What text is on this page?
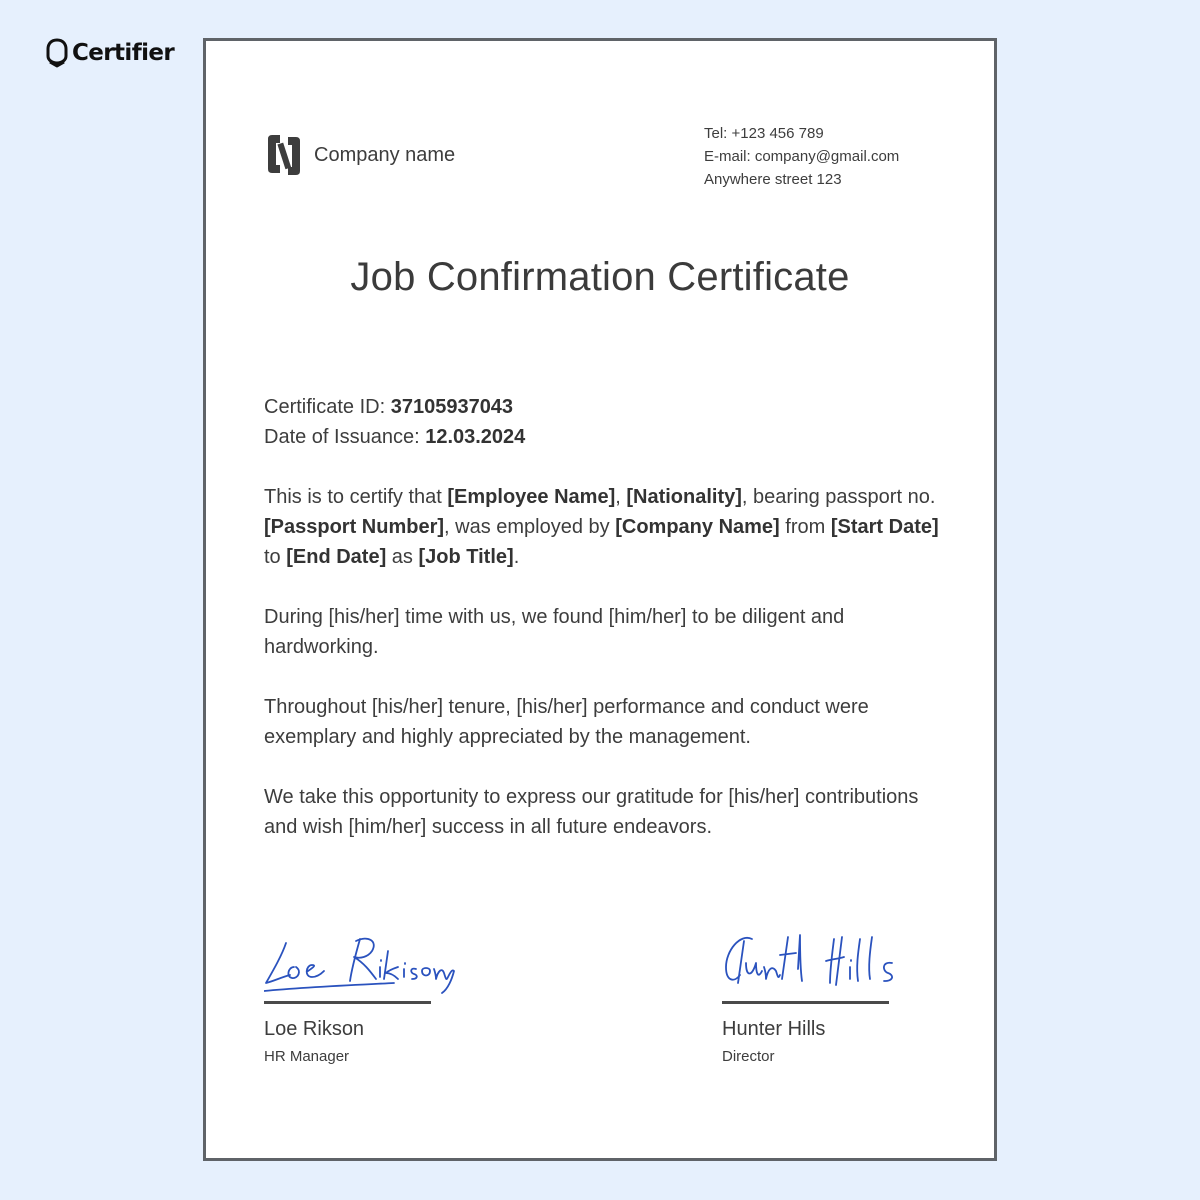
Certifier
Company name
Tel: +123 456 789
E-mail: company@gmail.com
Anywhere street 123
Job Confirmation Certificate
Certificate ID: 37105937043
Date of Issuance: 12.03.2024

This is to certify that [Employee Name], [Nationality], bearing passport no. [Passport Number], was employed by [Company Name] from [Start Date] to [End Date] as [Job Title].

During [his/her] time with us, we found [him/her] to be diligent and hardworking.

Throughout [his/her] tenure, [his/her] performance and conduct were exemplary and highly appreciated by the management.

We take this opportunity to express our gratitude for [his/her] contributions and wish [him/her] success in all future endeavors.

Loe Rikson
HR Manager
Hunter Hills
Director
